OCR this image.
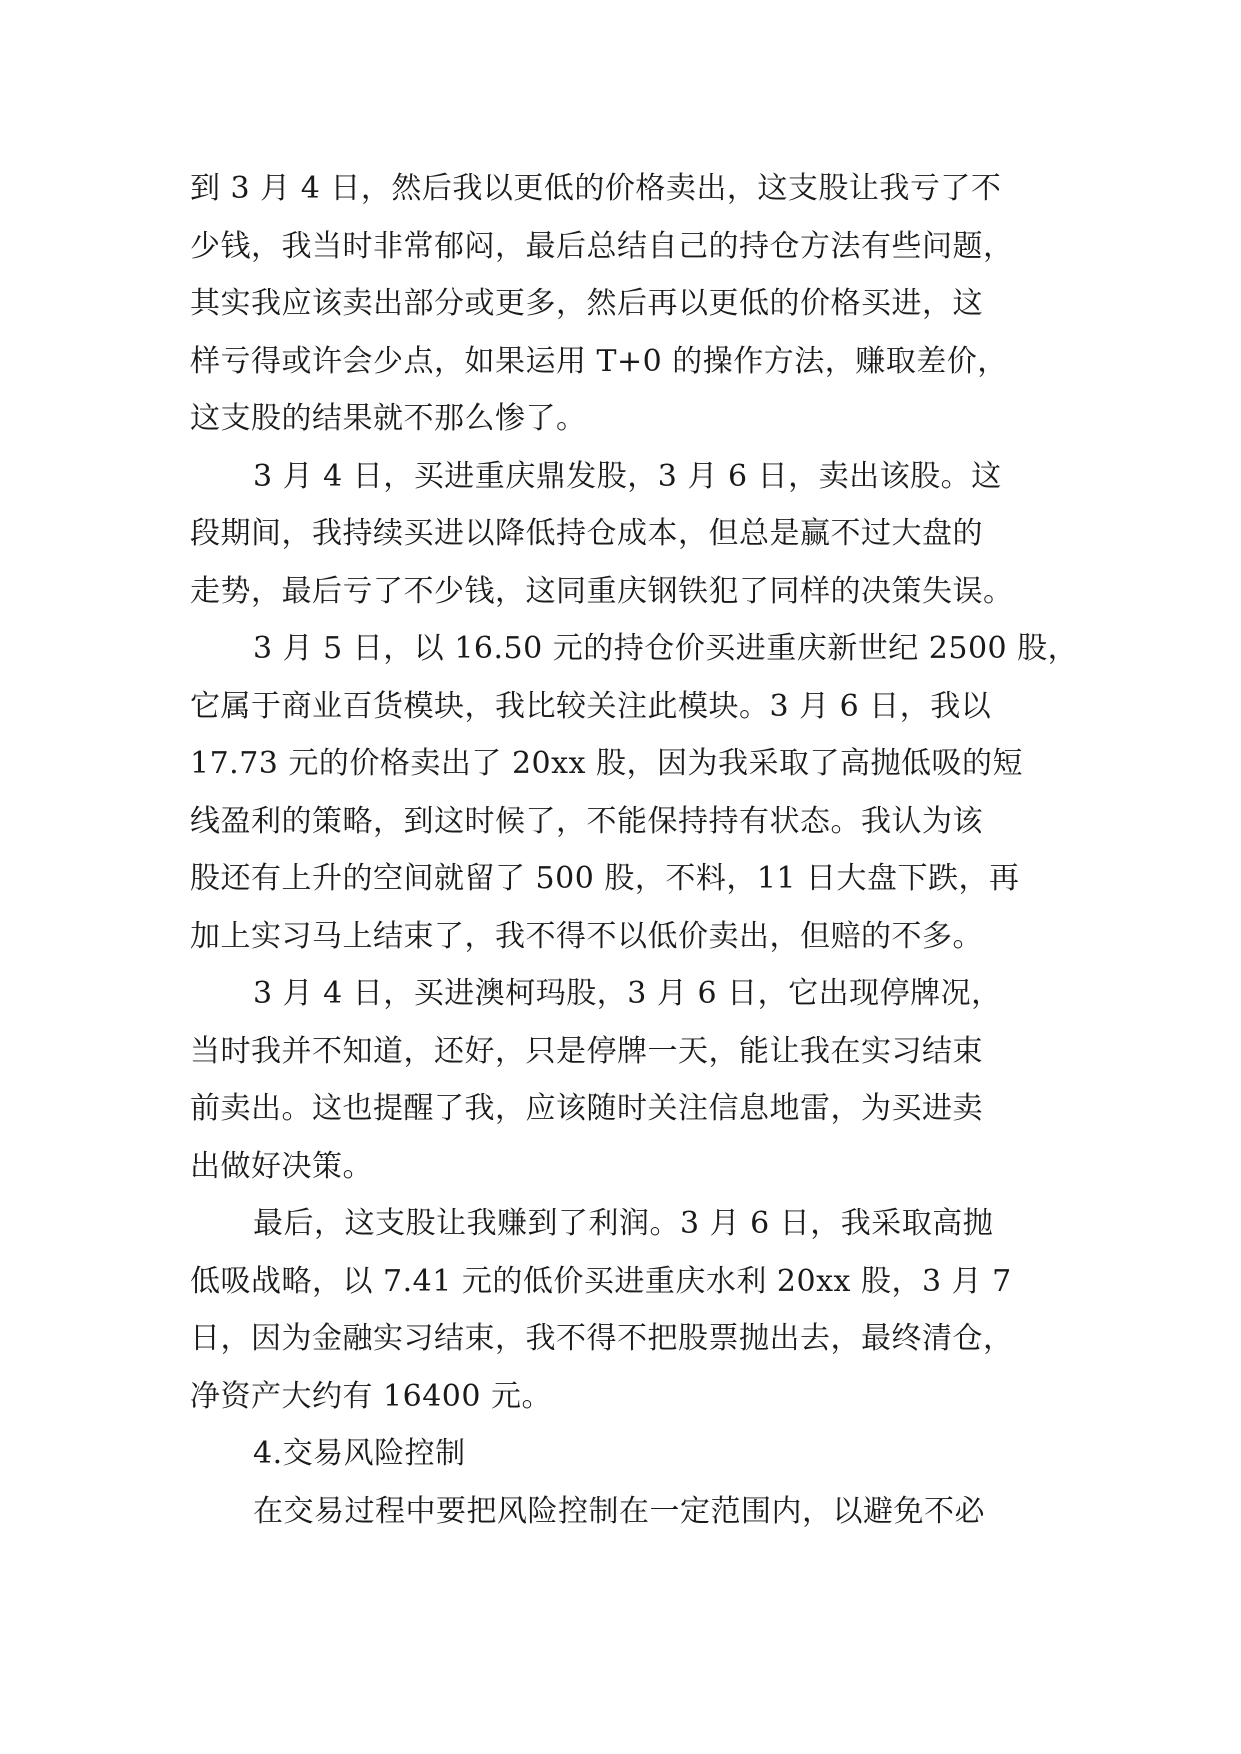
到 3 月 4 日，然后我以更低的价格卖出，这支股让我亏了不
少钱，我当时非常郁闷，最后总结自己的持仓方法有些问题，
其实我应该卖出部分或更多，然后再以更低的价格买进，这
样亏得或许会少点，如果运用 T+0 的操作方法，赚取差价，
这支股的结果就不那么惨了。
3 月 4 日，买进重庆鼎发股，3 月 6 日，卖出该股。这
段期间，我持续买进以降低持仓成本，但总是赢不过大盘的
走势，最后亏了不少钱，这同重庆钢铁犯了同样的决策失误。
3 月 5 日，以 16.50 元的持仓价买进重庆新世纪 2500 股，
它属于商业百货模块，我比较关注此模块。3 月 6 日，我以
17.73 元的价格卖出了 20xx 股，因为我采取了高抛低吸的短
线盈利的策略，到这时候了，不能保持持有状态。我认为该
股还有上升的空间就留了 500 股，不料，11 日大盘下跌，再
加上实习马上结束了，我不得不以低价卖出，但赔的不多。
3 月 4 日，买进澳柯玛股，3 月 6 日，它出现停牌况，
当时我并不知道，还好，只是停牌一天，能让我在实习结束
前卖出。这也提醒了我，应该随时关注信息地雷，为买进卖
出做好决策。
最后，这支股让我赚到了利润。3 月 6 日，我采取高抛
低吸战略，以 7.41 元的低价买进重庆水利 20xx 股，3 月 7
日，因为金融实习结束，我不得不把股票抛出去，最终清仓，
净资产大约有 16400 元。
4.交易风险控制
在交易过程中要把风险控制在一定范围内，以避免不必
